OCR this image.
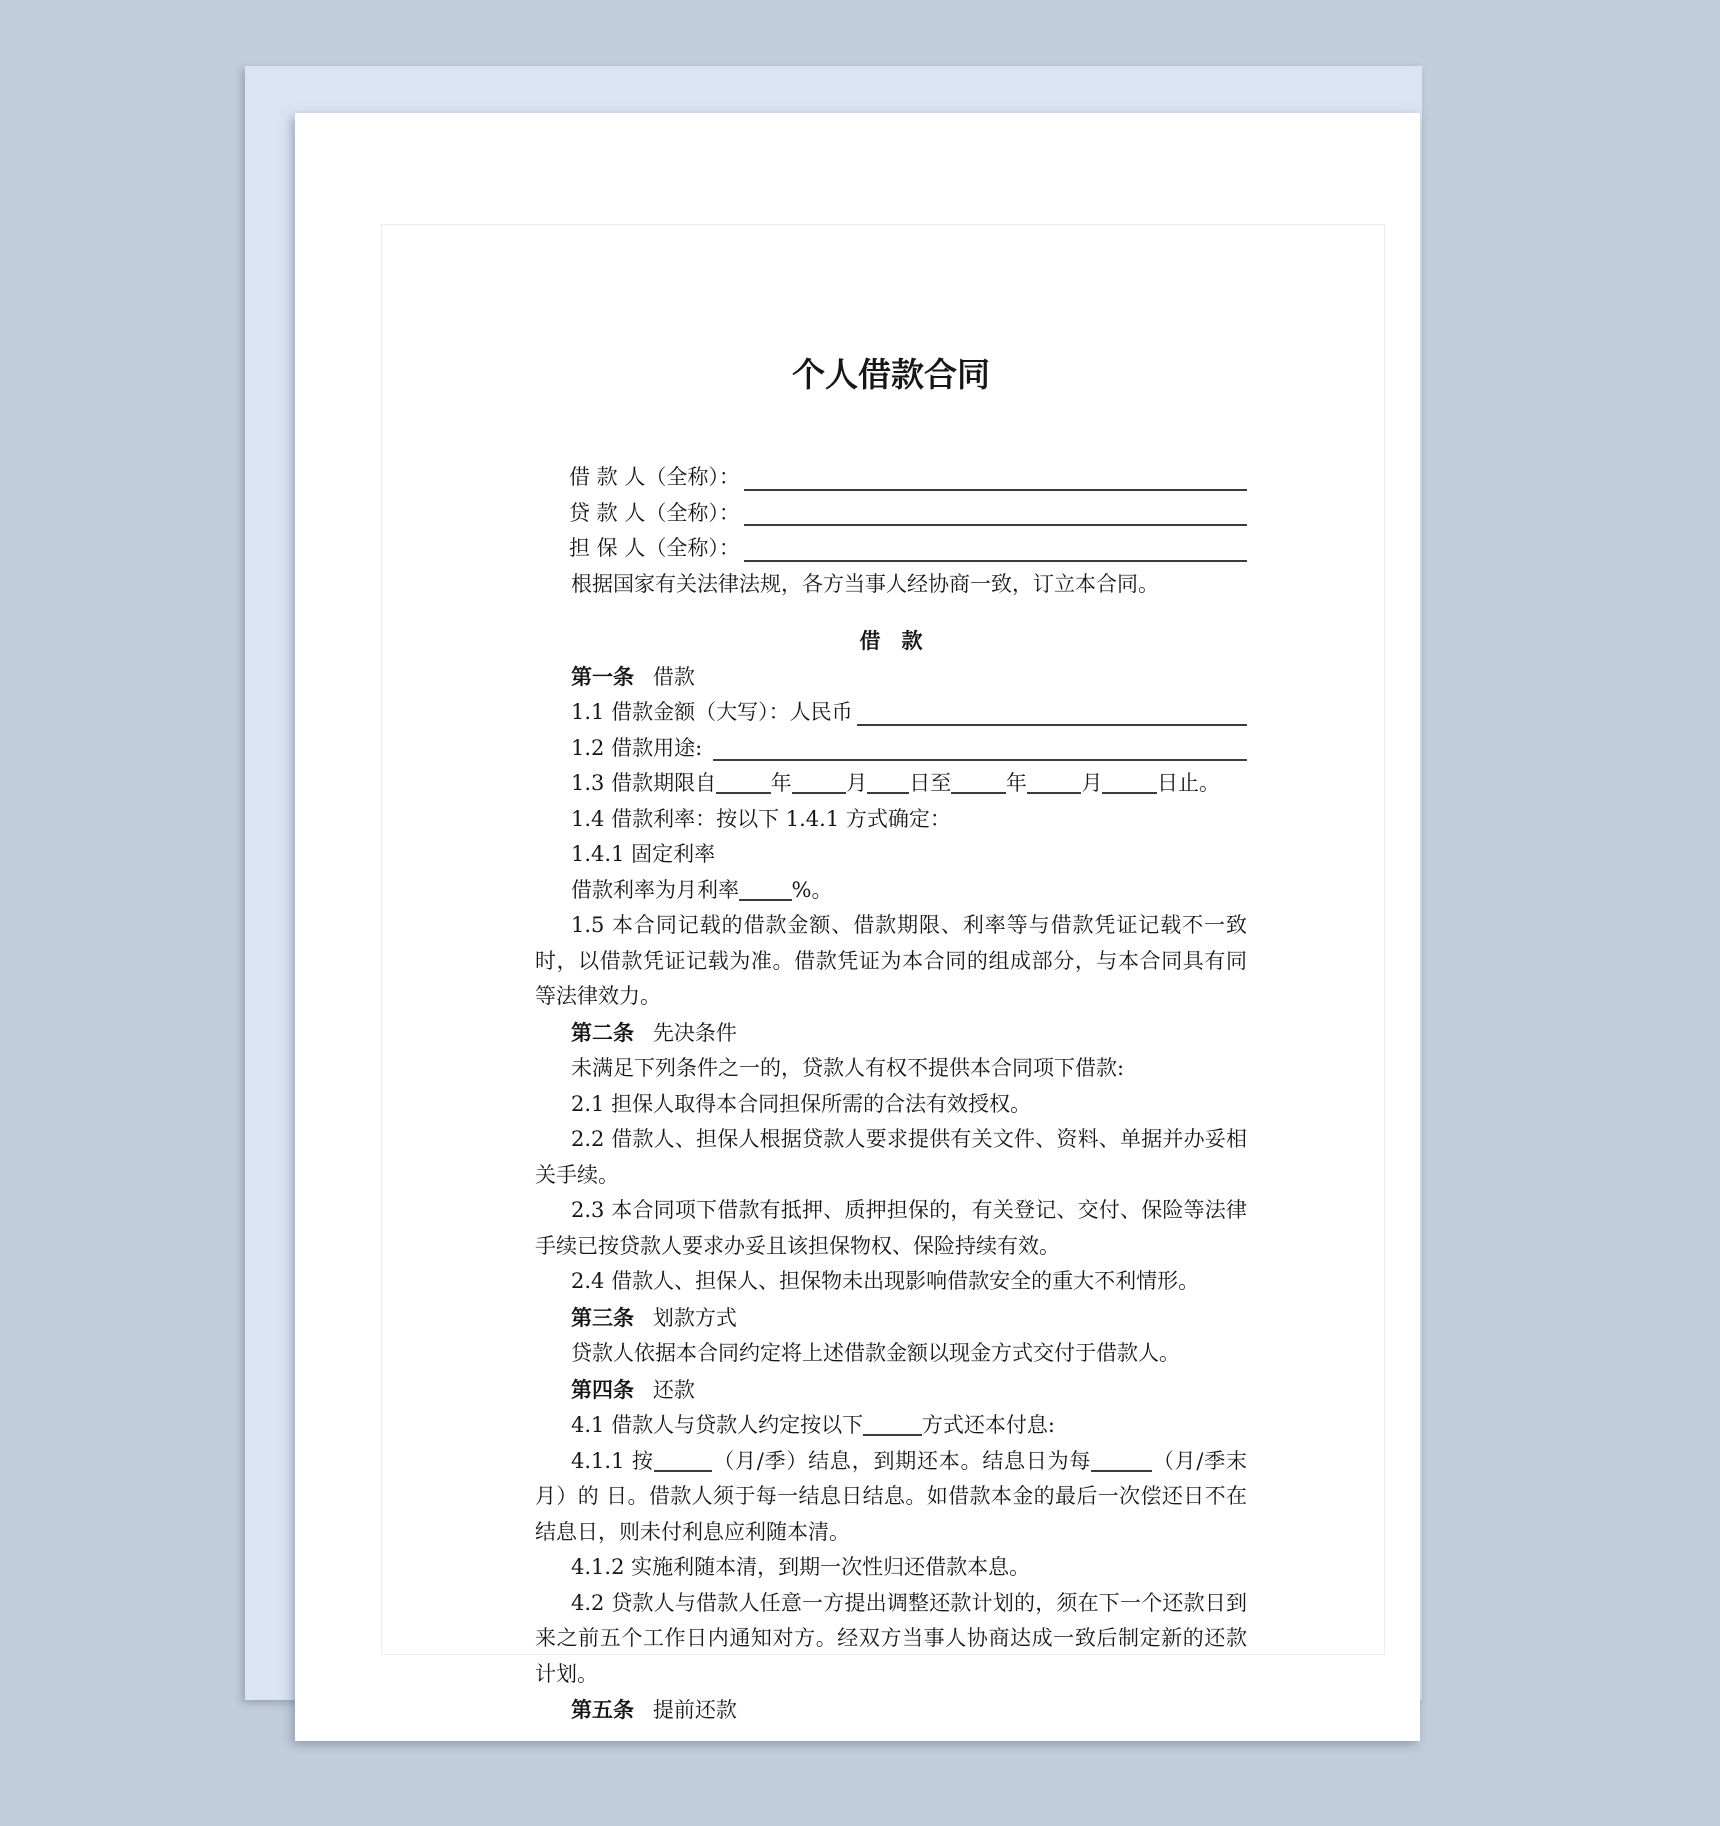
个人借款合同
借 款 人（全称）：
贷 款 人（全称）：
担 保 人（全称）：

根据国家有关法律法规，各方当事人经协商一致，订立本合同。

借　款

第一条 借款

1.1 借款金额（大写）：人民币
1.2 借款用途:

1.3 借款期限自	年	月 日至	年	月	日止。

1.4 借款利率：按以下 1.4.1 方式确定：

1.4.1 固定利率

借款利率为月利率	%。

1.5 本合同记载的借款金额、借款期限、利率等与借款凭证记载不一致时，以借款凭证记载为准。借款凭证为本合同的组成部分，与本合同具有同等法律效力。

第二条 先决条件

未满足下列条件之一的，贷款人有权不提供本合同项下借款:

2.1 担保人取得本合同担保所需的合法有效授权。

2.2 借款人、担保人根据贷款人要求提供有关文件、资料、单据并办妥相关手续。

2.3 本合同项下借款有抵押、质押担保的，有关登记、交付、保险等法律手续已按贷款人要求办妥且该担保物权、保险持续有效。

2.4 借款人、担保人、担保物未出现影响借款安全的重大不利情形。

第三条 划款方式

贷款人依据本合同约定将上述借款金额以现金方式交付于借款人。

第四条 还款

4.1 借款人与贷款人约定按以下	方式还本付息:

4.1.1 按	（月/季）结息，到期还本。结息日为每	（月/季末月）的 日。借款人须于每一结息日结息。如借款本金的最后一次偿还日不在结息日，则未付利息应利随本清。

4.1.2 实施利随本清，到期一次性归还借款本息。

4.2 贷款人与借款人任意一方提出调整还款计划的，须在下一个还款日到来之前五个工作日内通知对方。经双方当事人协商达成一致后制定新的还款计划。

第五条 提前还款
